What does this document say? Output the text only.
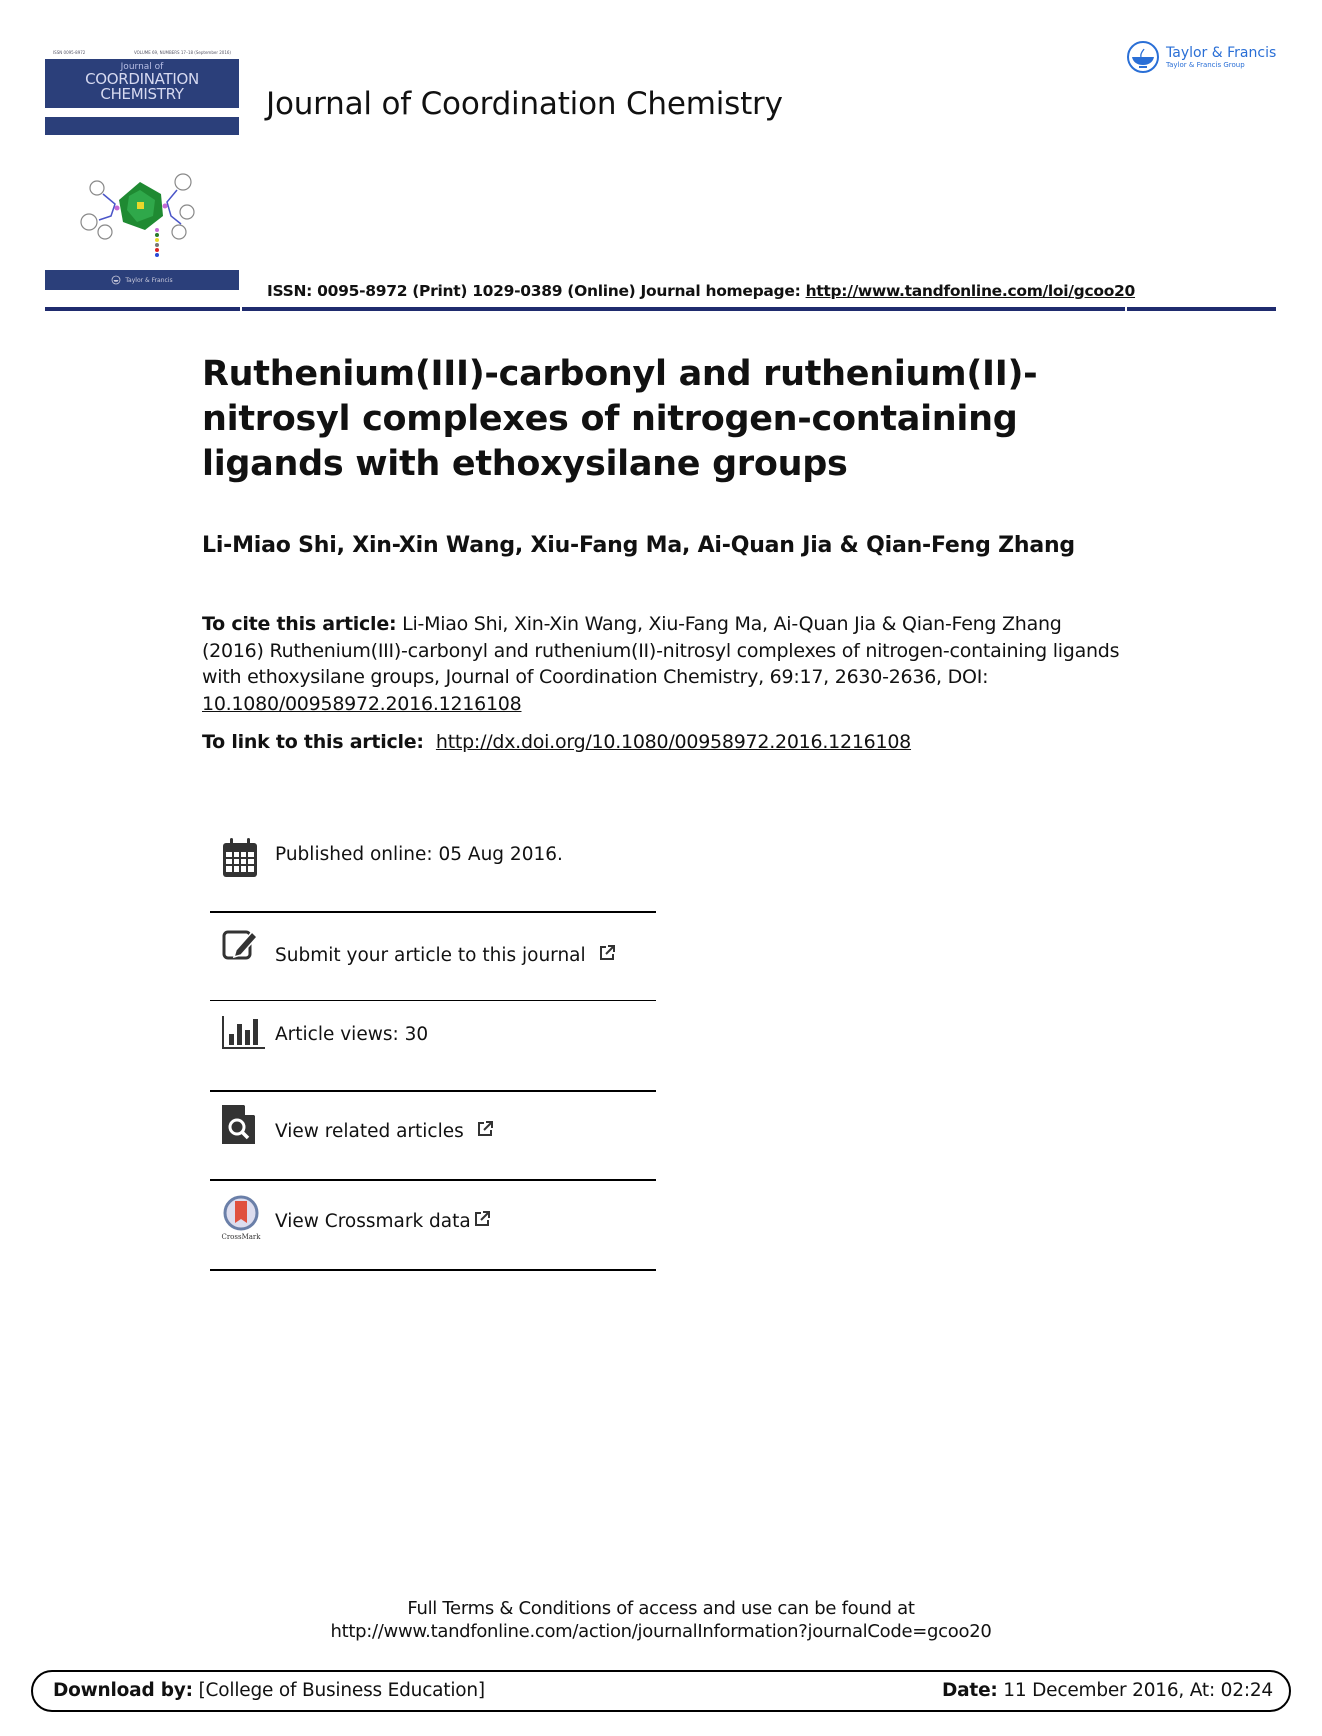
ISSN 0095-8972	VOLUME 69, NUMBERS 17–18 (September 2016)
Journal of
COORDINATION
CHEMISTRY
Taylor & Francis
Journal of Coordination Chemistry
Taylor & Francis
Taylor & Francis Group
ISSN: 0095-8972 (Print) 1029-0389 (Online) Journal homepage: http://www.tandfonline.com/loi/gcoo20
Ruthenium(III)-carbonyl and ruthenium(II)-nitrosyl complexes of nitrogen-containing ligands with ethoxysilane groups
Li-Miao Shi, Xin-Xin Wang, Xiu-Fang Ma, Ai-Quan Jia & Qian-Feng Zhang
To cite this article: Li-Miao Shi, Xin-Xin Wang, Xiu-Fang Ma, Ai-Quan Jia & Qian-Feng Zhang (2016) Ruthenium(III)-carbonyl and ruthenium(II)-nitrosyl complexes of nitrogen-containing ligands with ethoxysilane groups, Journal of Coordination Chemistry, 69:17, 2630-2636, DOI: 10.1080/00958972.2016.1216108
To link to this article:  http://dx.doi.org/10.1080/00958972.2016.1216108
Published online: 05 Aug 2016.
Submit your article to this journal
Article views: 30
View related articles
CrossMark
View Crossmark data
Full Terms & Conditions of access and use can be found at
http://www.tandfonline.com/action/journalInformation?journalCode=gcoo20
Download by: [College of Business Education]	Date: 11 December 2016, At: 02:24
